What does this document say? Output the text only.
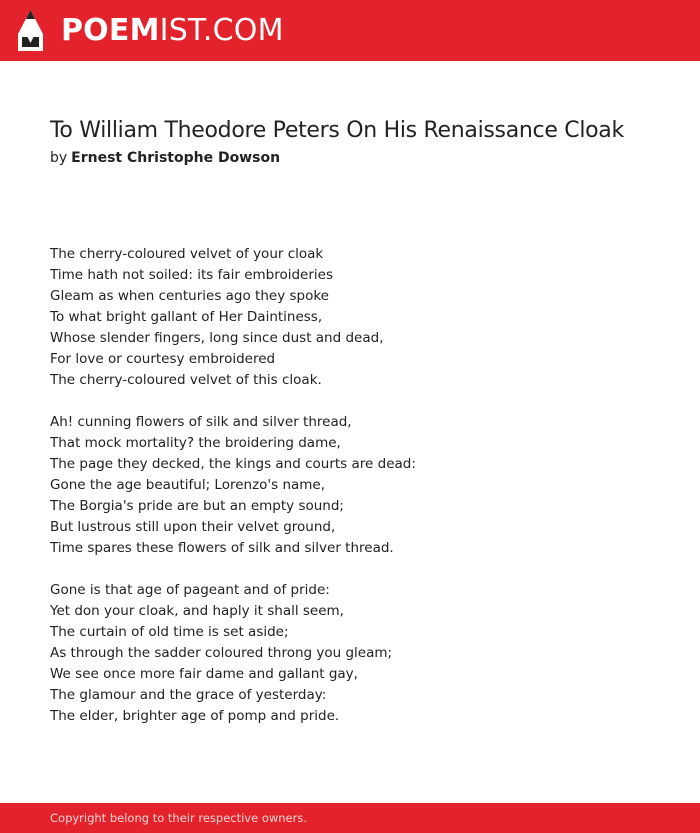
POEMIST.COM
To William Theodore Peters On His Renaissance Cloak
by Ernest Christophe Dowson
The cherry-coloured velvet of your cloak
Time hath not soiled: its fair embroideries
Gleam as when centuries ago they spoke
To what bright gallant of Her Daintiness,
Whose slender fingers, long since dust and dead,
For love or courtesy embroidered
The cherry-coloured velvet of this cloak.
Ah! cunning flowers of silk and silver thread,
That mock mortality? the broidering dame,
The page they decked, the kings and courts are dead:
Gone the age beautiful; Lorenzo's name,
The Borgia's pride are but an empty sound;
But lustrous still upon their velvet ground,
Time spares these flowers of silk and silver thread.
Gone is that age of pageant and of pride:
Yet don your cloak, and haply it shall seem,
The curtain of old time is set aside;
As through the sadder coloured throng you gleam;
We see once more fair dame and gallant gay,
The glamour and the grace of yesterday:
The elder, brighter age of pomp and pride.
Copyright belong to their respective owners.
